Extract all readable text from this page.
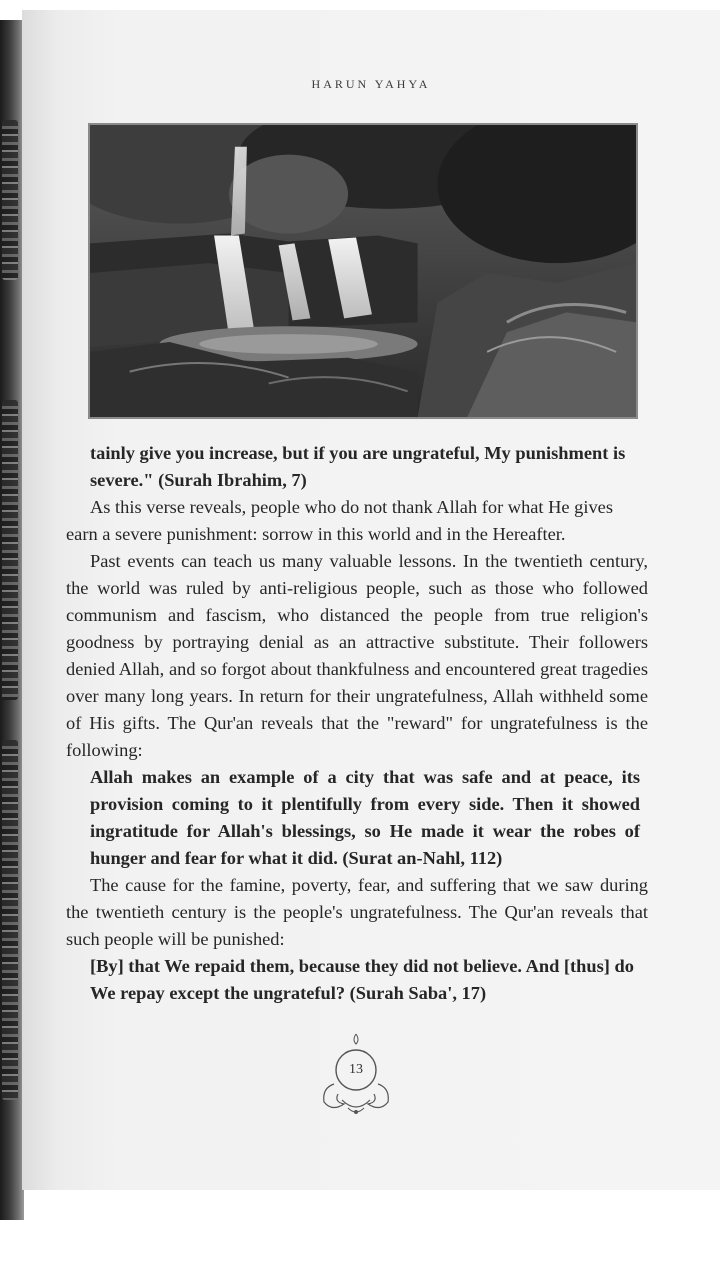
HARUN YAHYA

tainly give you increase, but if you are ungrateful, My punishment is severe." (Surah Ibrahim, 7)

As this verse reveals, people who do not thank Allah for what He gives earn a severe punishment: sorrow in this world and in the Hereafter.

Past events can teach us many valuable lessons. In the twentieth century, the world was ruled by anti-religious people, such as those who followed communism and fascism, who distanced the people from true religion's goodness by portraying denial as an attractive substitute. Their followers denied Allah, and so forgot about thankfulness and encountered great tragedies over many long years. In return for their ungratefulness, Allah withheld some of His gifts. The Qur'an reveals that the "reward" for ungratefulness is the following:

Allah makes an example of a city that was safe and at peace, its provision coming to it plentifully from every side. Then it showed ingratitude for Allah's blessings, so He made it wear the robes of hunger and fear for what it did. (Surat an-Nahl, 112)

The cause for the famine, poverty, fear, and suffering that we saw during the twentieth century is the people's ungratefulness. The Qur'an reveals that such people will be punished:

[By] that We repaid them, because they did not believe. And [thus] do We repay except the ungrateful? (Surah Saba', 17)

13
